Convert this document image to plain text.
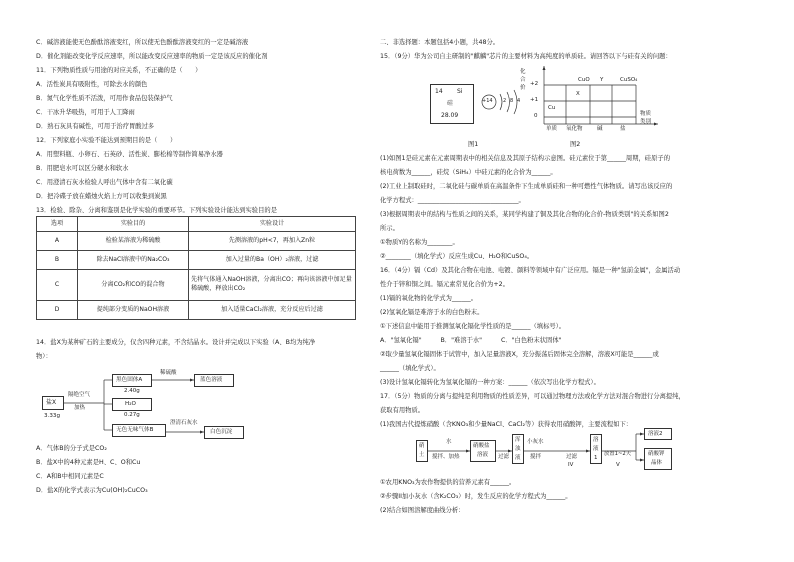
C．碱溶液能使无色酚酞溶液变红，所以使无色酚酞溶液变红的一定是碱溶液
D．催化剂能改变化学反应速率，所以能改变反应速率的物质一定是该反应的催化剂
11．下列物质性质与用途的对应关系，不正确的是（　　）
A．活性炭具有吸附性，可除去水的颜色
B．氮气化学性质不活泼，可用作食品包装保护气
C．干冰升华吸热，可用于人工降雨
D．熟石灰具有碱性，可用于治疗胃酸过多
12．下列家庭小实验不能达到预期目的是（　　）
A．用塑料瓶、小卵石、石英砂、活性炭、膨松棉等制作简易净水器
B．用肥皂水可以区分硬水和软水
C．用澄清石灰水检验人呼出气体中含有二氧化碳
D．把冷碟子放在蜡烛火焰上方可以收集到炭黑
13．检验、除杂、分离和鉴别是化学实验的重要环节。下列实验设计能达到实验目的是
选项	实验目的	实验设计
A	检验某溶液为稀硫酸	先测溶液的pH<7，再加入Zn粒
B	除去NaCl溶液中的Na₂CO₃	加入过量的Ba（OH）₂溶液，过滤
C	分离CO₂和CO的混合物	先将气体通入NaOH溶液，分离出CO；再向该溶液中加足量稀硫酸，释放出CO₂
D	提纯部分变质的NaOH溶液	加入适量CaCl₂溶液，充分反应后过滤
14．盐X为某种矿石的主要成分，仅含四种元素，不含结晶水。设计并完成以下实验（A、B均为纯净
物）：
盐X
3.33g
隔绝空气
加热
黑色固体A
稀硫酸
蓝色溶液
2.40g
H₂O
0.27g
无色无味气体B
澄清石灰水
白色沉淀
A．气体B的分子式是CO₂
B．盐X中的4种元素是H、C、O和Cu
C．A和B中相同元素是C
D．盐X的化学式表示为Cu(OH)₂CuCO₃
二、非选择题：本题包括4小题，共48分。
15．（9分）华为公司自主研制的"麒麟"芯片的主要材料为高纯度的单质硅。请回答以下与硅有关的问题：
14 Si
硅
28.09
+14 2 8 4
图1
化
合
价
+2
+1
0
CuO Y	CuSO₄
X
Cu
单质 氧化物	碱	盐
物质
类别
图2
(1)如图1是硅元素在元素周期表中的相关信息及其原子结构示意图。硅元素位于第______周期，硅原子的
核电荷数为______，硅烷（SiH₄）中硅元素的化合价为______。
(2)工业上制取硅时，二氧化硅与碳单质在高温条件下生成单质硅和一种可燃性气体物质。请写出该反应的
化学方程式：________________________________。
(3)根据周期表中的结构与性质之间的关系，某同学构建了铜及其化合物的化合价-物质类别"的关系如图2
所示。
①物质Y的名称为________。
②________（填化学式）反应生成Cu、H₂O和CuSO₄。
16．（4分）镉（Cd）及其化合物在电池、电镀、颜料等领域中有广泛应用。镉是一种"氢前金属"，金属活动
性介于锌和铜之间。镉元素常见化合价为+2。
(1)镉的氧化物的化学式为______。
(2)氢氧化镉是难溶于水的白色粉末。
①下述信息中能用于推测氢氧化镉化学性质的是______（填标号）。
A．"氢氧化镉"　　　B．"难溶于水"　　　C．"白色粉末状固体"
②取少量氢氧化镉固体于试管中，加入足量溶液X，充分振荡后固体完全溶解，溶液X可能是______或
______（填化学式）。
(3)设计氢氧化镉转化为氢氧化镉的一种方案：______（依次写出化学方程式）。
17．（5分）物质的分离与提纯是利用物质的性质差异，可以通过物理方法或化学方法对混合物进行分离提纯，
获取有用物质。
(1)我国古代提炼硝酸（含KNO₃和少量NaCl、CaCl₂等）获得农用硝酸钾，主要流程如下：
硝
土
水
搅拌、加热
硝酸盐
溶液 过滤
浑
浊
液
小灰水
搅拌	过滤
IV
溶
液
1
放置1~2天
V
溶液2
硝酸钾
晶体
①农用KNO₃为农作物提供的营养元素有______。
②步骤II加小灰水（含K₂CO₃）时，发生反应的化学方程式为______。
(2)结合如图溶解度曲线分析：
